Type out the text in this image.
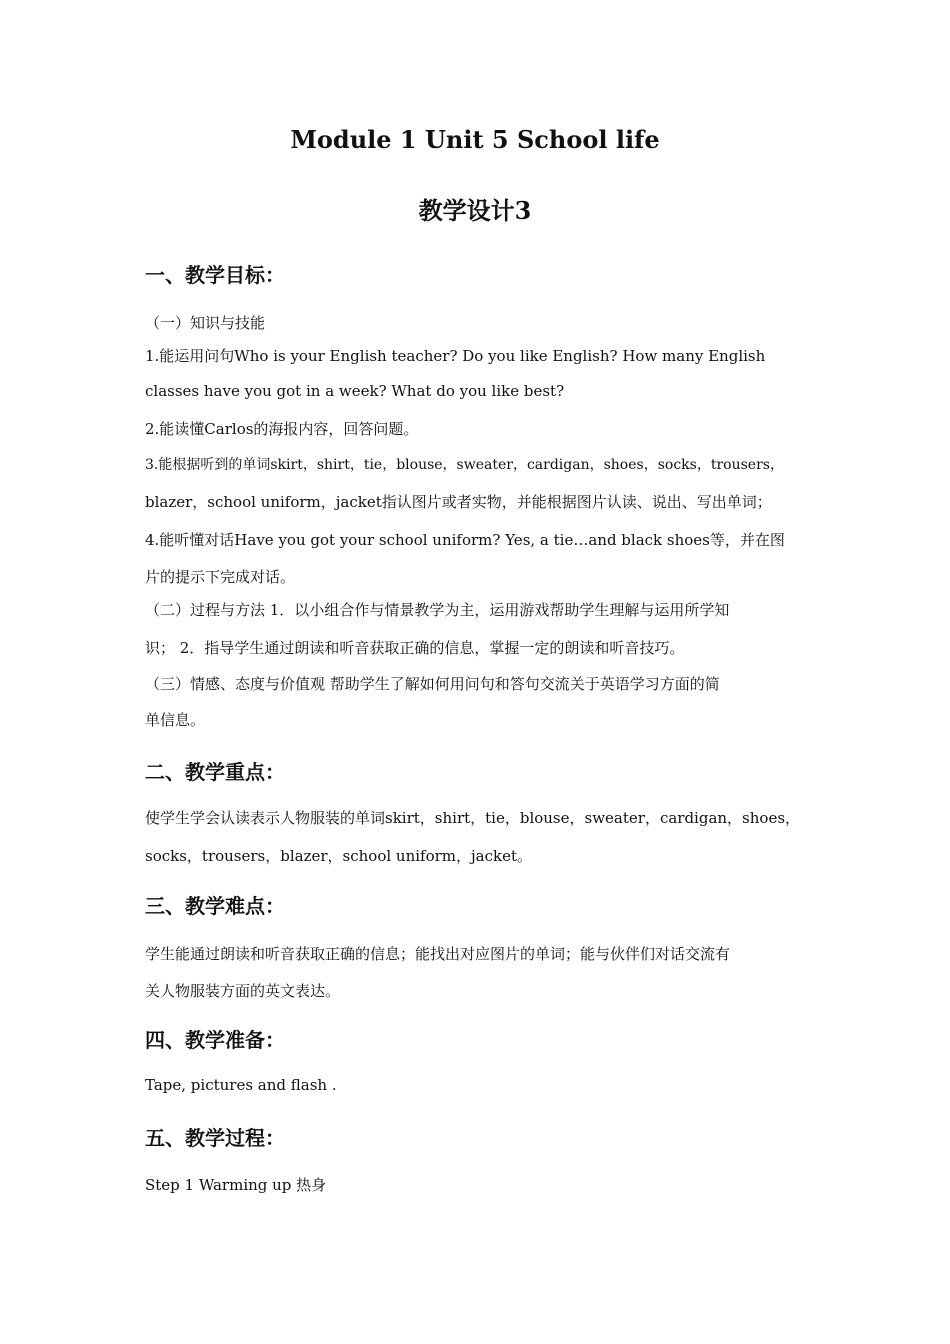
Module 1 Unit 5 School life
教学设计3
一、教学目标：
（一）知识与技能
1.能运用问句Who is your English teacher? Do you like English? How many English
classes have you got in a week? What do you like best?
2.能读懂Carlos的海报内容，回答问题。
3.能根据听到的单词skirt，shirt，tie，blouse，sweater，cardigan，shoes，socks，trousers，
blazer，school uniform，jacket指认图片或者实物，并能根据图片认读、说出、写出单词；
4.能听懂对话Have you got your school uniform? Yes, a tie…and black shoes等，并在图
片的提示下完成对话。
（二）过程与方法 1．以小组合作与情景教学为主，运用游戏帮助学生理解与运用所学知
识； 2．指导学生通过朗读和听音获取正确的信息，掌握一定的朗读和听音技巧。
（三）情感、态度与价值观 帮助学生了解如何用问句和答句交流关于英语学习方面的简
单信息。
二、教学重点：
使学生学会认读表示人物服装的单词skirt，shirt，tie，blouse，sweater，cardigan，shoes，
socks，trousers，blazer，school uniform，jacket。
三、教学难点：
学生能通过朗读和听音获取正确的信息；能找出对应图片的单词；能与伙伴们对话交流有
关人物服装方面的英文表达。
四、教学准备：
Tape, pictures and flash .
五、教学过程：
Step 1 Warming up 热身
